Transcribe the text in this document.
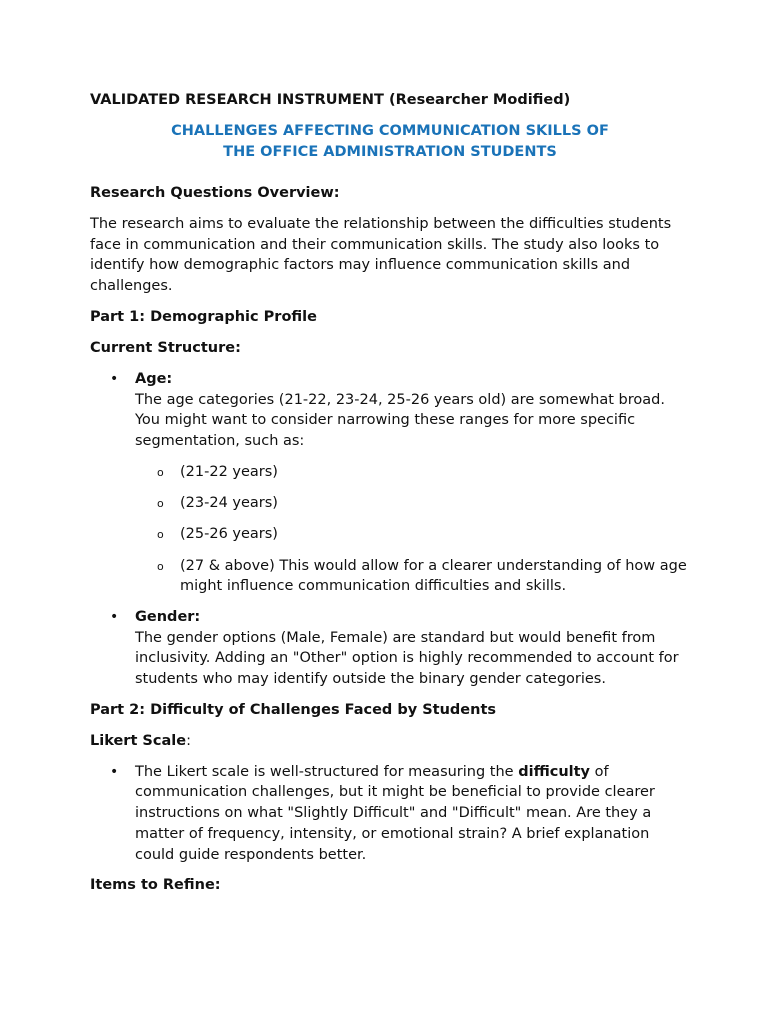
VALIDATED RESEARCH INSTRUMENT (Researcher Modified)

CHALLENGES AFFECTING COMMUNICATION SKILLS OF
THE OFFICE ADMINISTRATION STUDENTS

Research Questions Overview:

The research aims to evaluate the relationship between the difficulties students face in communication and their communication skills. The study also looks to identify how demographic factors may influence communication skills and challenges.

Part 1: Demographic Profile

Current Structure:

• Age:
The age categories (21-22, 23-24, 25-26 years old) are somewhat broad. You might want to consider narrowing these ranges for more specific segmentation, such as:
o (21-22 years)
o (23-24 years)
o (25-26 years)
o (27 & above) This would allow for a clearer understanding of how age might influence communication difficulties and skills.
• Gender:
The gender options (Male, Female) are standard but would benefit from inclusivity. Adding an "Other" option is highly recommended to account for students who may identify outside the binary gender categories.

Part 2: Difficulty of Challenges Faced by Students

Likert Scale:

• The Likert scale is well-structured for measuring the difficulty of communication challenges, but it might be beneficial to provide clearer instructions on what "Slightly Difficult" and "Difficult" mean. Are they a matter of frequency, intensity, or emotional strain? A brief explanation could guide respondents better.

Items to Refine:
